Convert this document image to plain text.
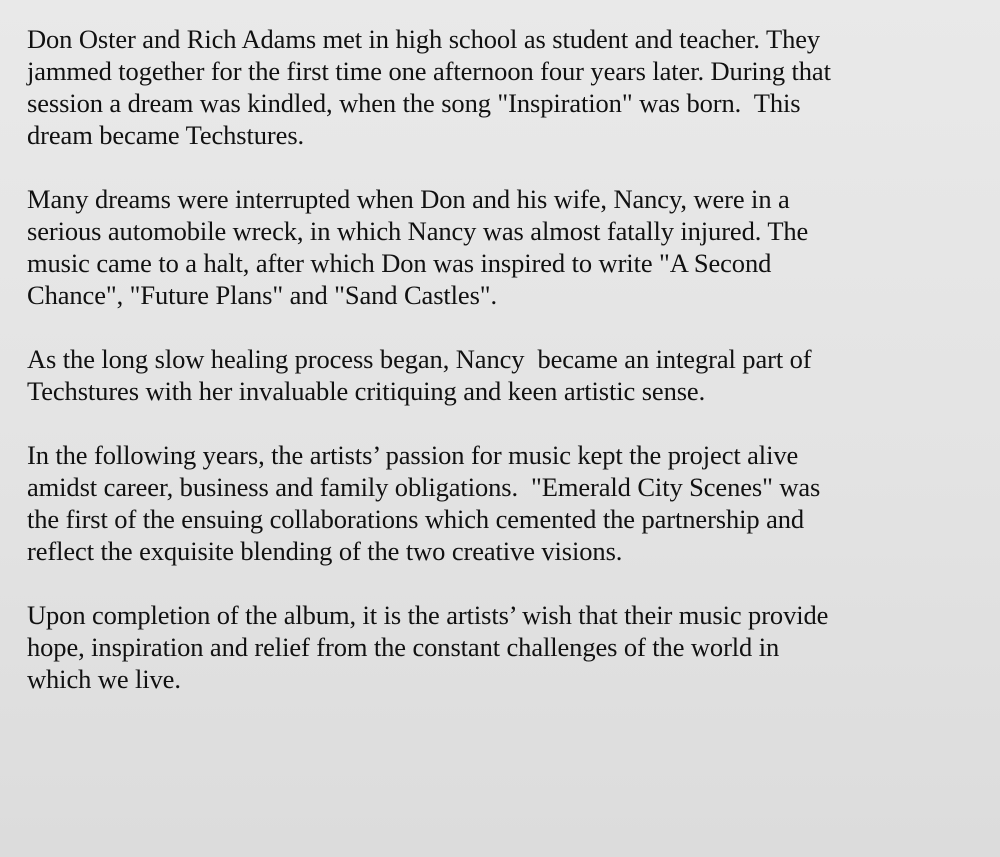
Don Oster and Rich Adams met in high school as student and teacher. They
jammed together for the first time one afternoon four years later. During that
session a dream was kindled, when the song "Inspiration" was born.  This
dream became Techstures.

Many dreams were interrupted when Don and his wife, Nancy, were in a
serious automobile wreck, in which Nancy was almost fatally injured. The
music came to a halt, after which Don was inspired to write "A Second
Chance", "Future Plans" and "Sand Castles".

As the long slow healing process began, Nancy  became an integral part of
Techstures with her invaluable critiquing and keen artistic sense.

In the following years, the artists’ passion for music kept the project alive
amidst career, business and family obligations.  "Emerald City Scenes" was
the first of the ensuing collaborations which cemented the partnership and
reflect the exquisite blending of the two creative visions.

Upon completion of the album, it is the artists’ wish that their music provide
hope, inspiration and relief from the constant challenges of the world in
which we live.
